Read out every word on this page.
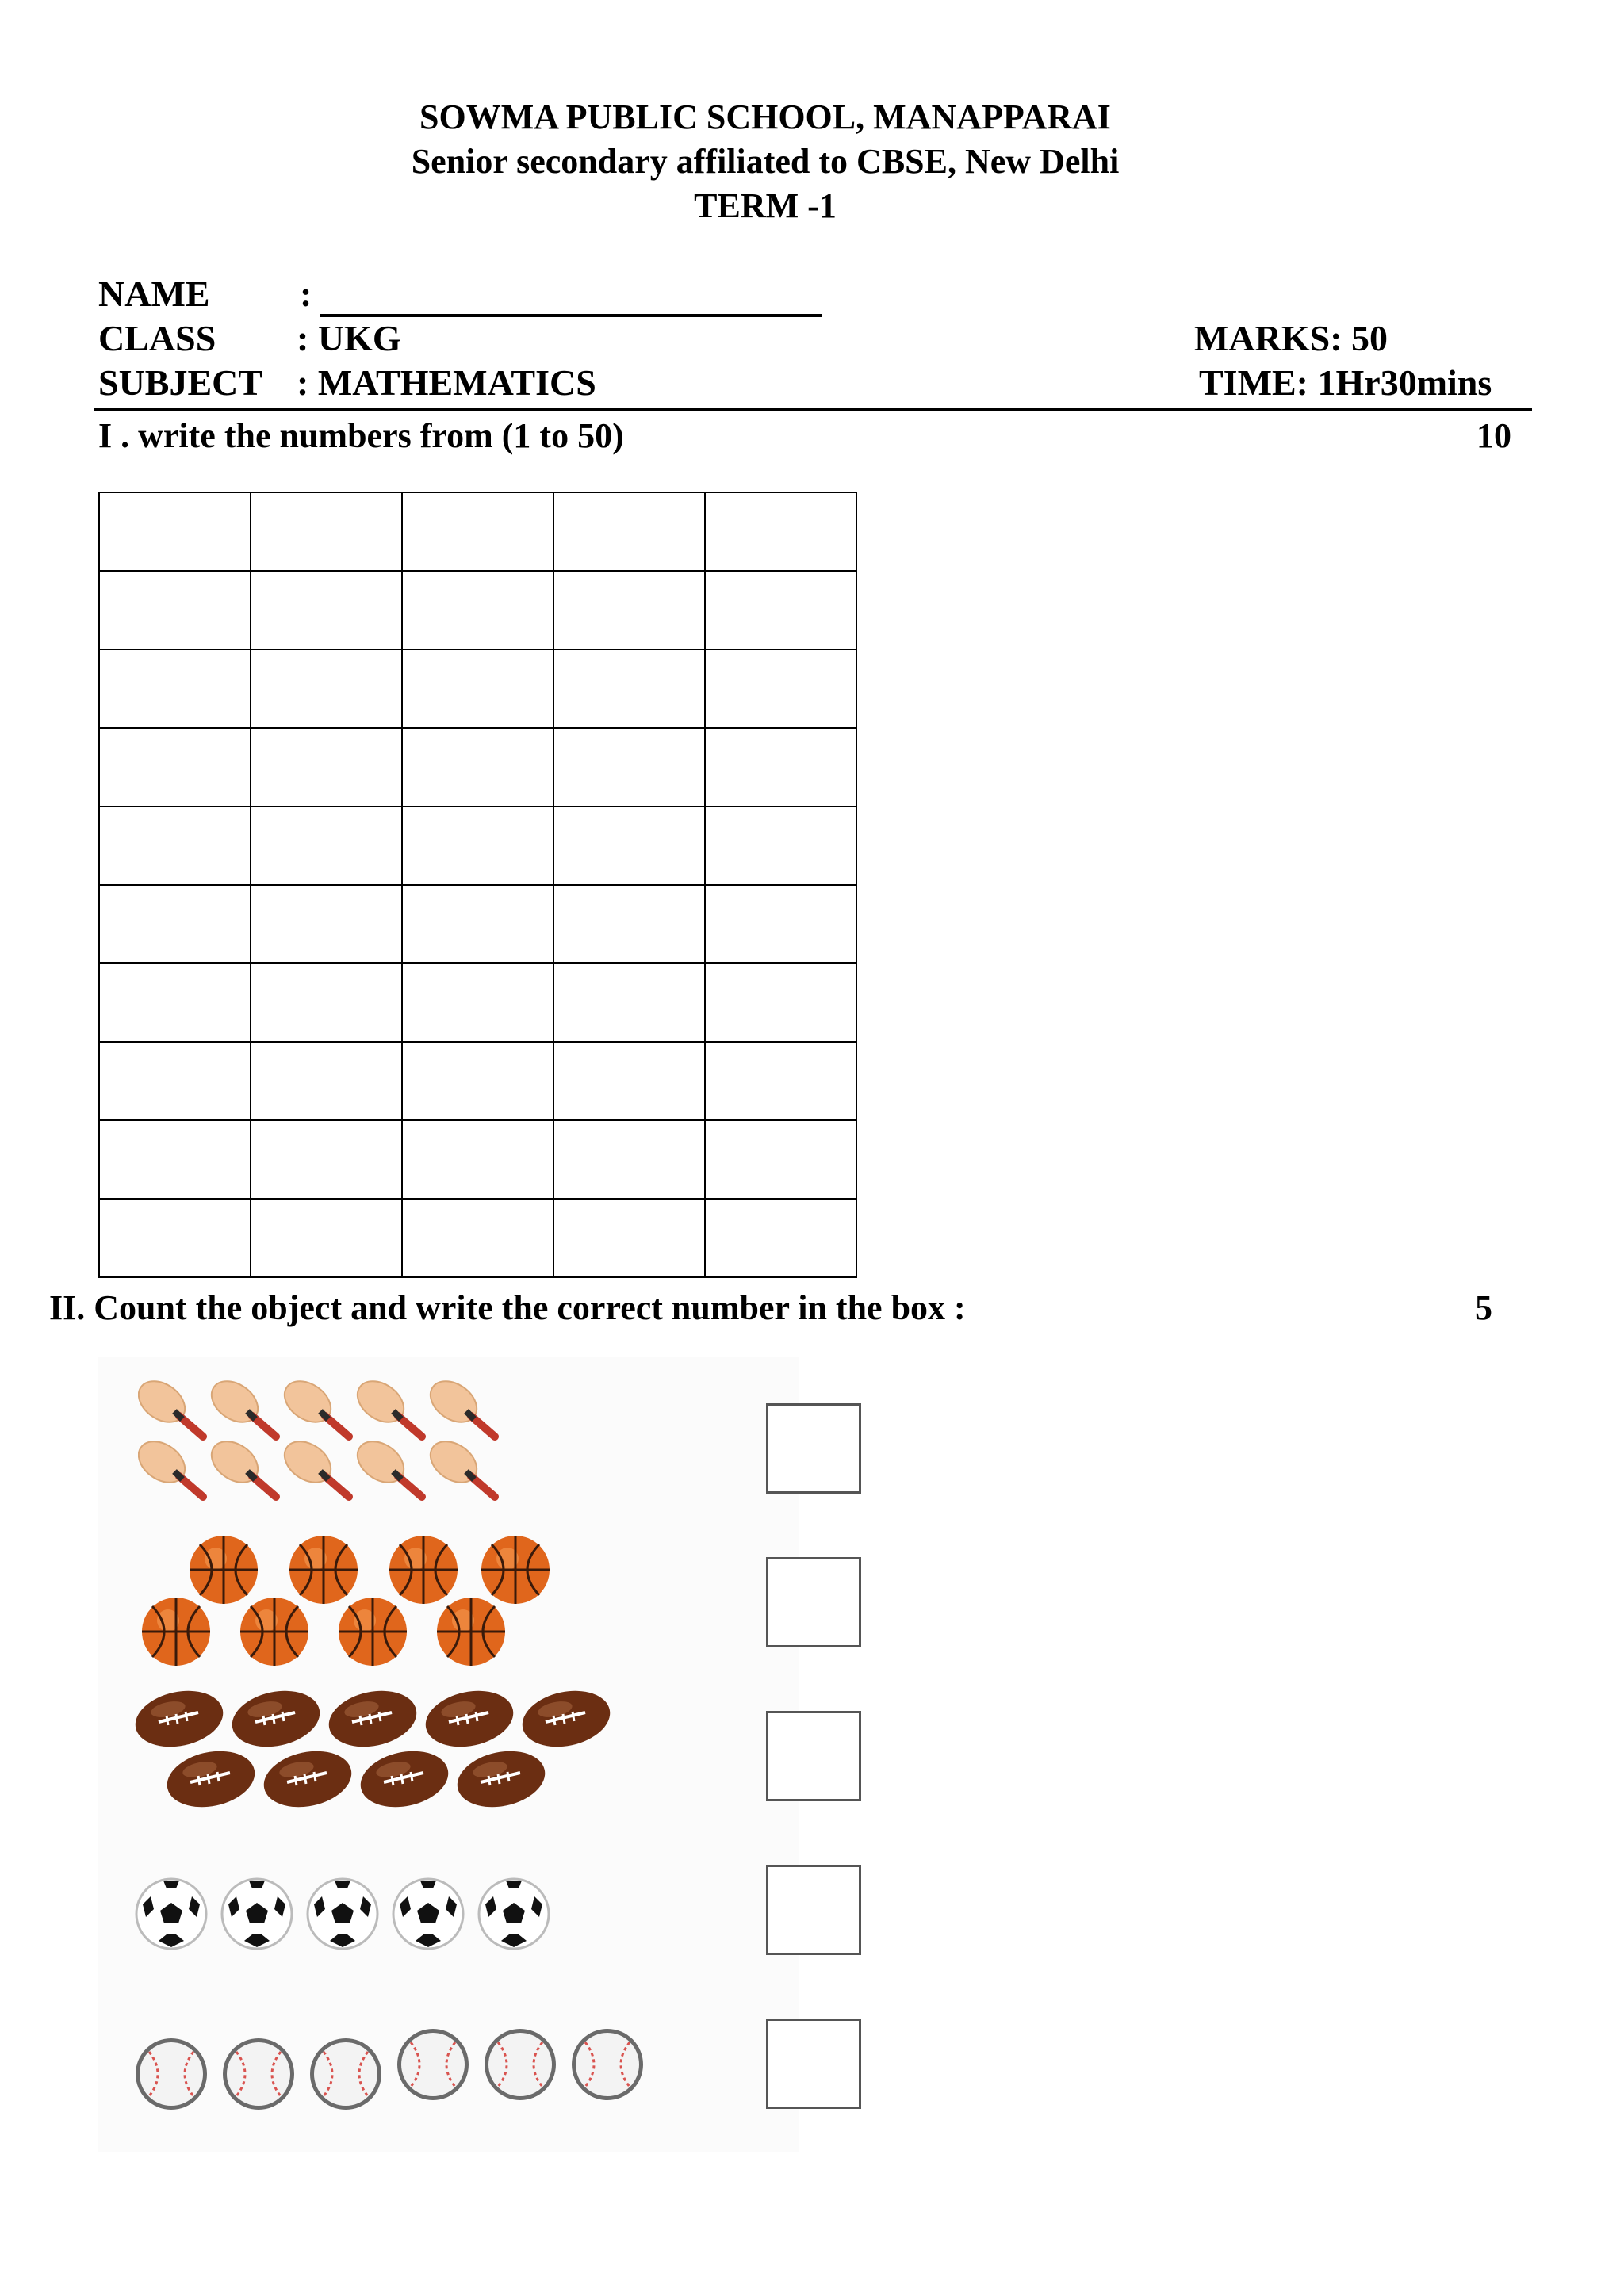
SOWMA PUBLIC SCHOOL, MANAPPARAI
Senior secondary affiliated to CBSE, New Delhi
TERM -1
NAME :
CLASS : UKG	MARKS: 50
SUBJECT : MATHEMATICS	TIME: 1Hr30mins
I . write the numbers from (1 to 50)	10

II. Count the object and write the correct number in the box :	5
